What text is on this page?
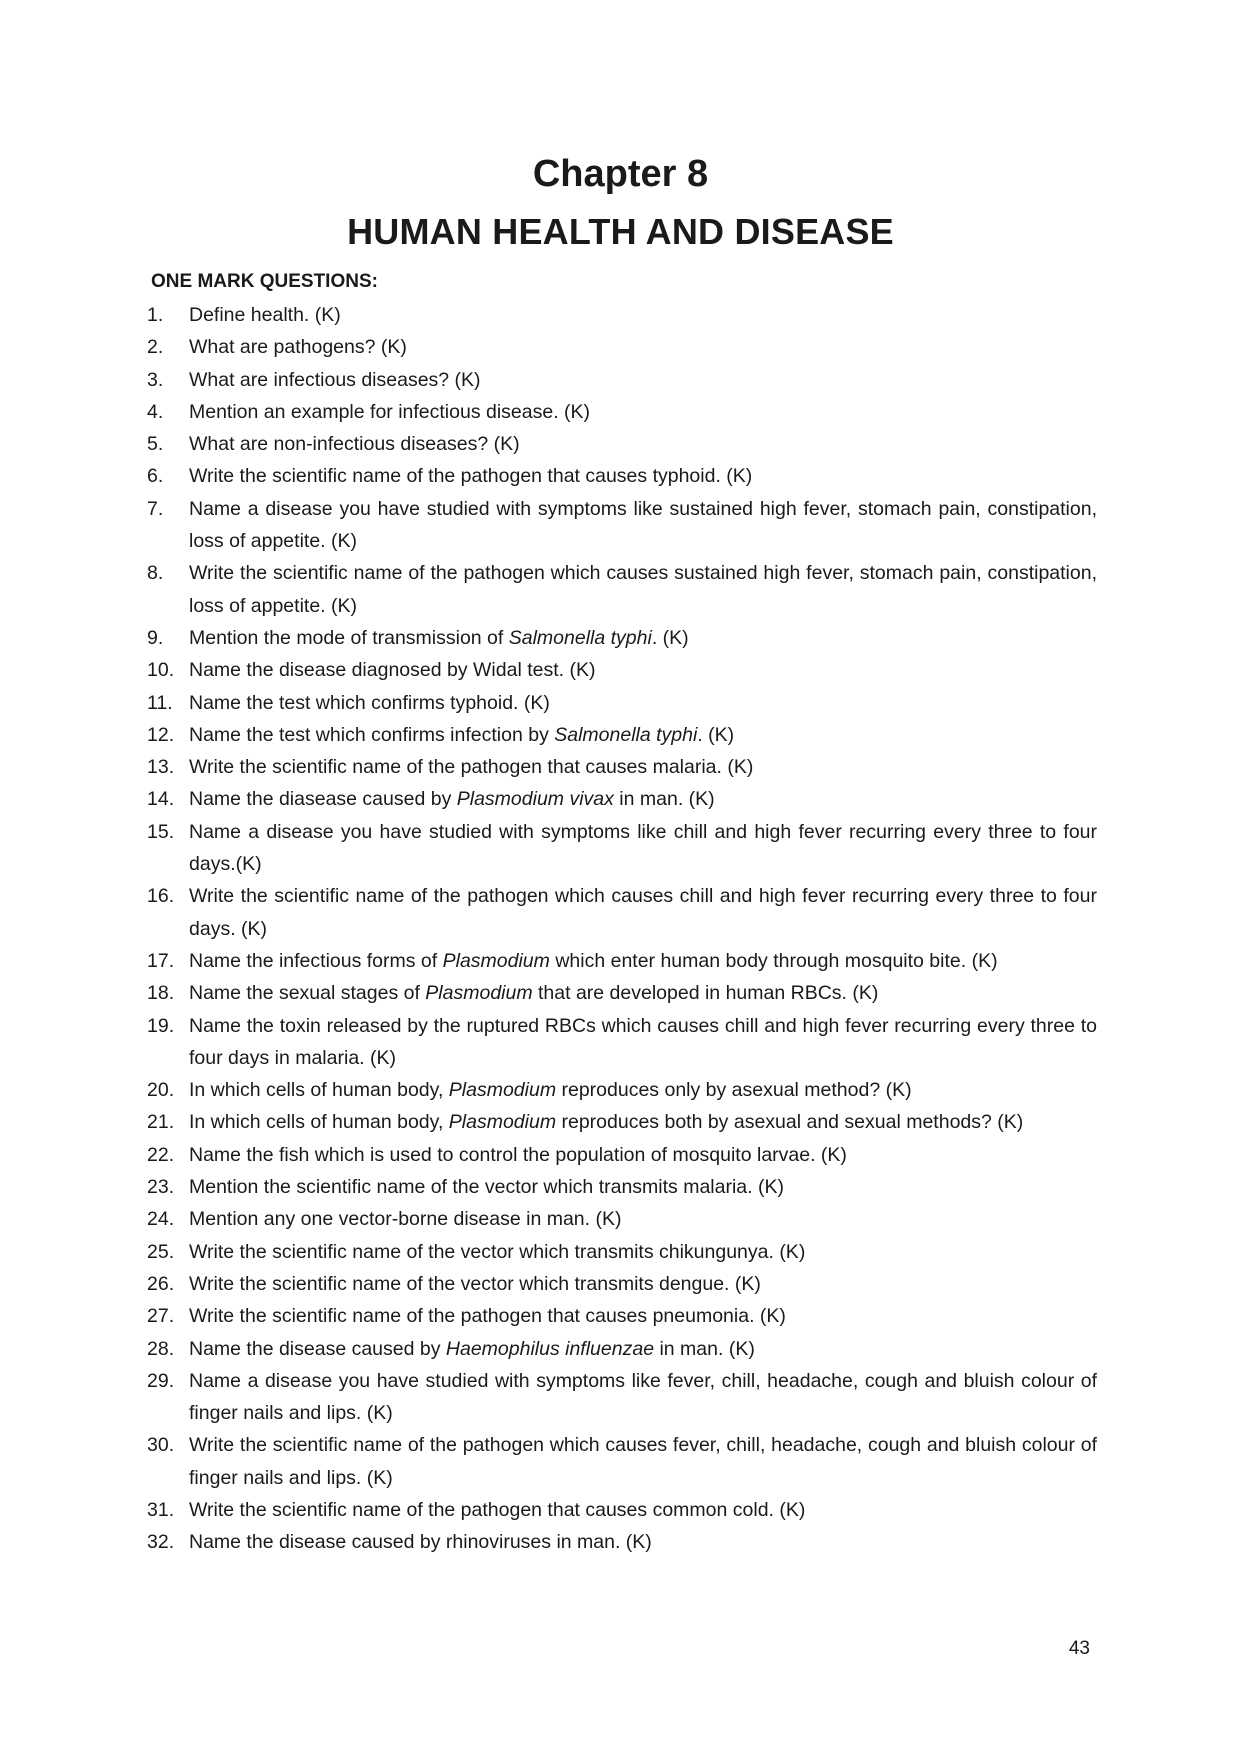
Chapter 8
HUMAN HEALTH AND DISEASE

ONE MARK QUESTIONS:

1.	Define health. (K)
2.	What are pathogens? (K)
3.	What are infectious diseases? (K)
4.	Mention an example for infectious disease. (K)
5.	What are non-infectious diseases? (K)
6.	Write the scientific name of the pathogen that causes typhoid. (K)
7.	Name a disease you have studied with symptoms like sustained high fever, stomach pain, constipation, loss of appetite. (K)
8.	Write the scientific name of the pathogen which causes sustained high fever, stomach pain, constipation, loss of appetite. (K)
9.	Mention the mode of transmission of Salmonella typhi. (K)
10. Name the disease diagnosed by Widal test. (K)
11. Name the test which confirms typhoid. (K)
12. Name the test which confirms infection by Salmonella typhi. (K)
13. Write the scientific name of the pathogen that causes malaria. (K)
14. Name the diasease caused by Plasmodium vivax in man. (K)
15. Name a disease you have studied with symptoms like chill and high fever recurring every three to four days.(K)
16. Write the scientific name of the pathogen which causes chill and high fever recurring every three to four days. (K)
17. Name the infectious forms of Plasmodium which enter human body through mosquito bite. (K)
18. Name the sexual stages of Plasmodium that are developed in human RBCs. (K)
19. Name the toxin released by the ruptured RBCs which causes chill and high fever recurring every three to four days in malaria. (K)
20. In which cells of human body, Plasmodium reproduces only by asexual method? (K)
21. In which cells of human body, Plasmodium reproduces both by asexual and sexual methods? (K)
22. Name the fish which is used to control the population of mosquito larvae. (K)
23. Mention the scientific name of the vector which transmits malaria. (K)
24. Mention any one vector-borne disease in man. (K)
25. Write the scientific name of the vector which transmits chikungunya. (K)
26. Write the scientific name of the vector which transmits dengue. (K)
27. Write the scientific name of the pathogen that causes pneumonia. (K)
28. Name the disease caused by Haemophilus influenzae in man. (K)
29. Name a disease you have studied with symptoms like fever, chill, headache, cough and bluish colour of finger nails and lips. (K)
30. Write the scientific name of the pathogen which causes fever, chill, headache, cough and bluish colour of finger nails and lips. (K)
31. Write the scientific name of the pathogen that causes common cold. (K)
32. Name the disease caused by rhinoviruses in man. (K)

43
